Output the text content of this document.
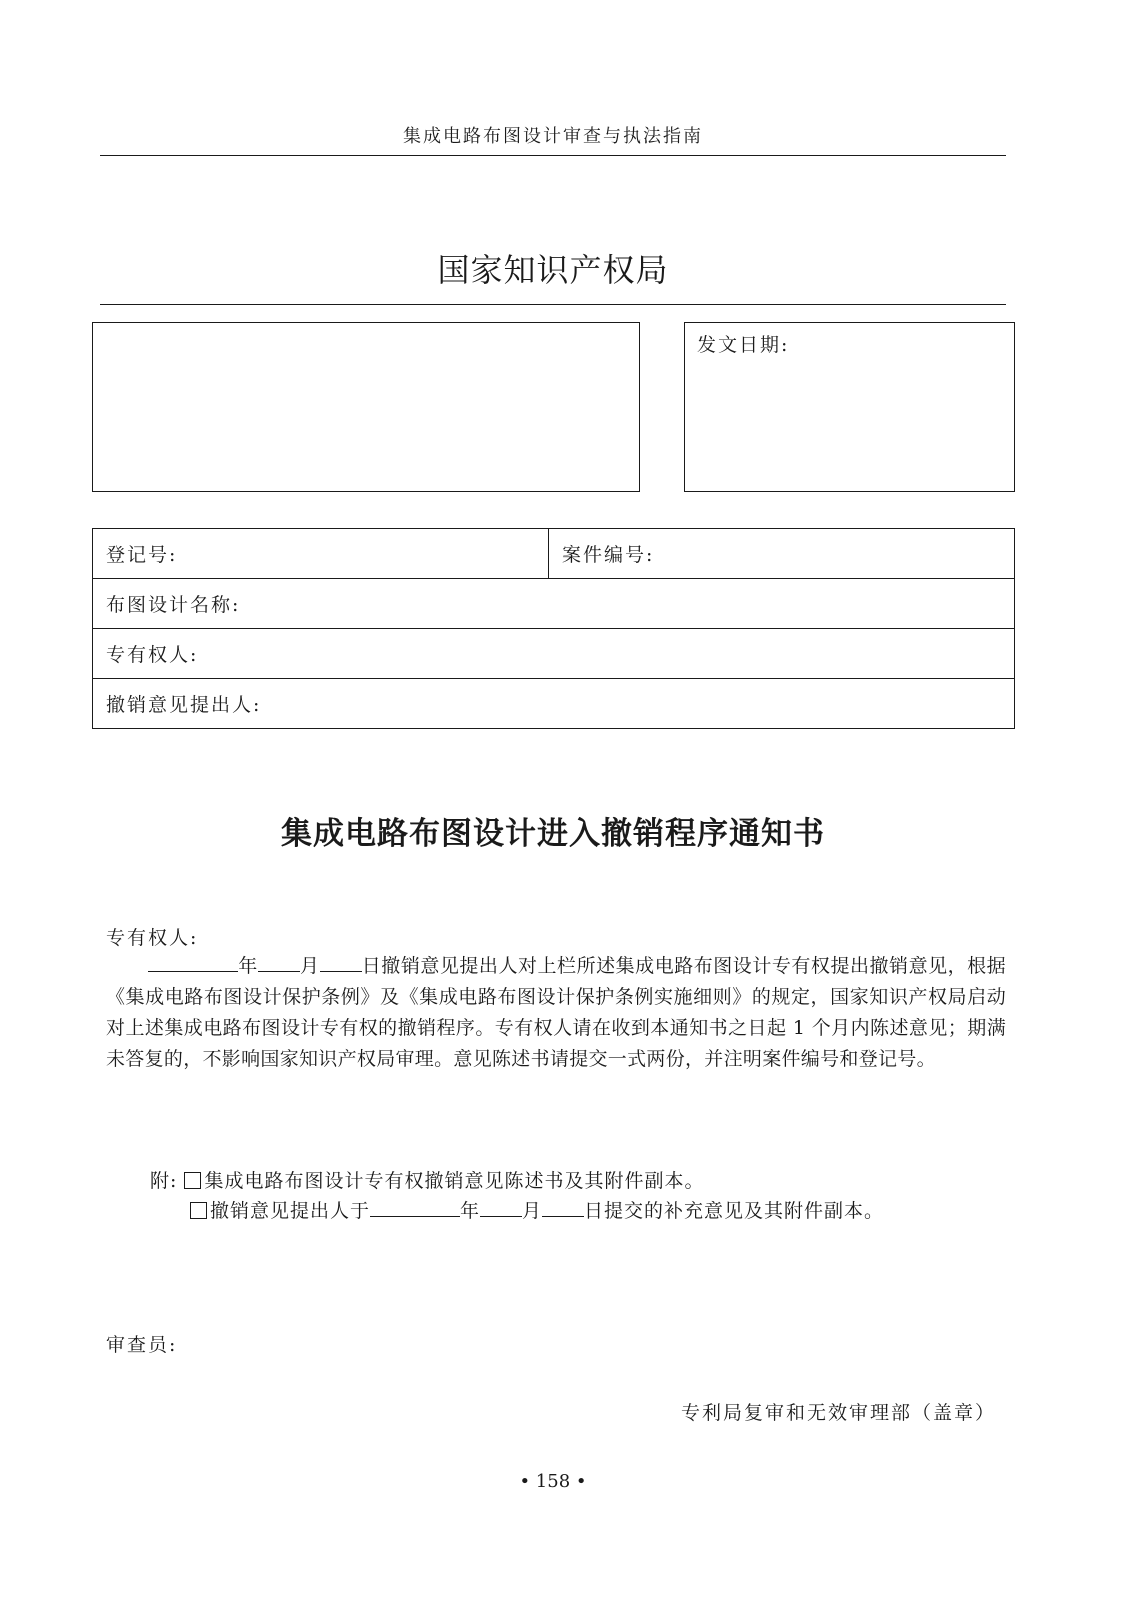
集成电路布图设计审查与执法指南
国家知识产权局
发文日期:
登记号:	案件编号:
布图设计名称:
专有权人:
撤销意见提出人:
集成电路布图设计进入撤销程序通知书
专有权人:
年 月 日撤销意见提出人对上栏所述集成电路布图设计专有权提出撤销意见，根据《集成电路布图设计保护条例》及《集成电路布图设计保护条例实施细则》的规定，国家知识产权局启动对上述集成电路布图设计专有权的撤销程序。专有权人请在收到本通知书之日起 1 个月内陈述意见；期满未答复的，不影响国家知识产权局审理。意见陈述书请提交一式两份，并注明案件编号和登记号。
附: 集成电路布图设计专有权撤销意见陈述书及其附件副本。
撤销意见提出人于	年 月 日提交的补充意见及其附件副本。
审查员:
专利局复审和无效审理部（盖章）
• 158 •
